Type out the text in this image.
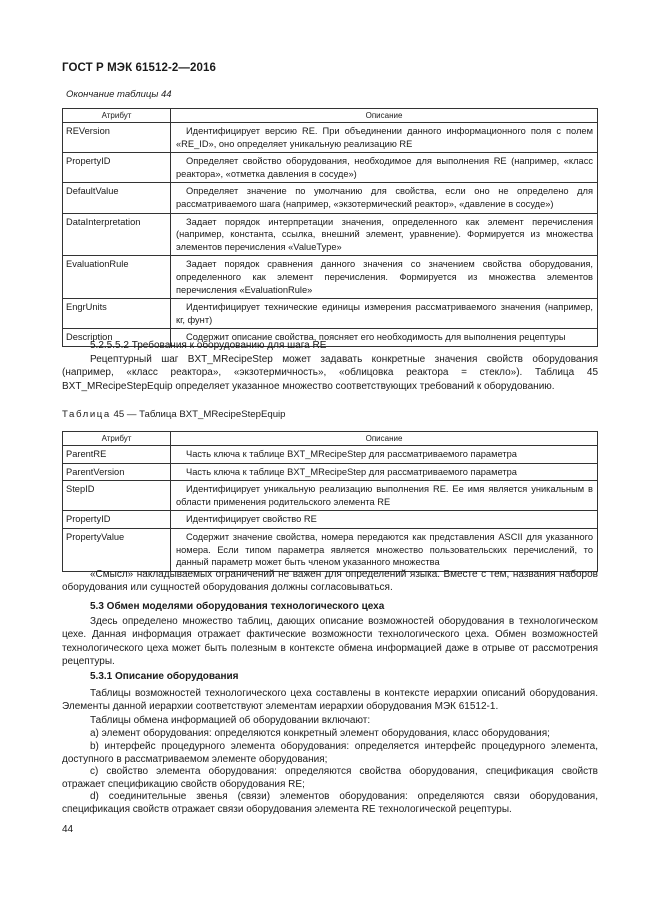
ГОСТ Р МЭК 61512-2—2016
Окончание таблицы 44
Атрибут	Описание
REVersion	Идентифицирует версию RE. При объединении данного информационного поля с полем «RE_ID», оно определяет уникальную реализацию RE

PropertyID	Определяет свойство оборудования, необходимое для выполнения RE (например, «класс реактора», «отметка давления в сосуде»)

DefaultValue	Определяет значение по умолчанию для свойства, если оно не определено для рассматриваемого шага (например, «экзотермический реактор», «давление в сосуде»)

DataInterpretation	Задает порядок интерпретации значения, определенного как элемент перечисления (например, константа, ссылка, внешний элемент, уравнение). Формируется из множества элементов перечисления «ValueType»

EvaluationRule	Задает порядок сравнения данного значения со значением свойства оборудования, определенного как элемент перечисления. Формируется из множества элементов перечисления «EvaluationRule»

EngrUnits	Идентифицирует технические единицы измерения рассматриваемого значения (например, кг, фунт)

Description	Содержит описание свойства, поясняет его необходимость для выполнения рецептуры
5.2.5.5.2 Требования к оборудованию для шага RE
Рецептурный шаг BXT_MRecipeStep может задавать конкретные значения свойств оборудования (например, «класс реактора», «экзотермичность», «облицовка реактора = стекло»). Таблица 45 BXT_MRecipeStepEquip определяет указанное множество соответствующих требований к оборудованию.
Таблица 45 — Таблица BXT_MRecipeStepEquip
Атрибут	Описание
ParentRE	Часть ключа к таблице BXT_MRecipeStep для рассматриваемого параметра

ParentVersion	Часть ключа к таблице BXT_MRecipeStep для рассматриваемого параметра

StepID	Идентифицирует уникальную реализацию выполнения RE. Ее имя является уникальным в области применения родительского элемента RE

PropertyID	Идентифицирует свойство RE

PropertyValue	Содержит значение свойства, номера передаются как представления ASCII для указанного номера. Если типом параметра является множество пользовательских перечислений, то данный параметр может быть членом указанного множества
«Смысл» накладываемых ограничений не важен для определений языка. Вместе с тем, названия наборов оборудования или сущностей оборудования должны согласовываться.
5.3 Обмен моделями оборудования технологического цеха
Здесь определено множество таблиц, дающих описание возможностей оборудования в технологическом цехе. Данная информация отражает фактические возможности технологического цеха. Обмен возможностей технологического цеха может быть полезным в контексте обмена информацией даже в отрыве от рассмотрения рецептуры.
5.3.1 Описание оборудования
Таблицы возможностей технологического цеха составлены в контексте иерархии описаний оборудования. Элементы данной иерархии соответствуют элементам иерархии оборудования МЭК 61512-1.
Таблицы обмена информацией об оборудовании включают:
a) элемент оборудования: определяются конкретный элемент оборудования, класс оборудования;
b) интерфейс процедурного элемента оборудования: определяется интерфейс процедурного элемента, доступного в рассматриваемом элементе оборудования;
c) свойство элемента оборудования: определяются свойства оборудования, спецификация свойств отражает спецификацию свойств оборудования RE;
d) соединительные звенья (связи) элементов оборудования: определяются связи оборудования, спецификация свойств отражает связи оборудования элемента RE технологической рецептуры.
44
